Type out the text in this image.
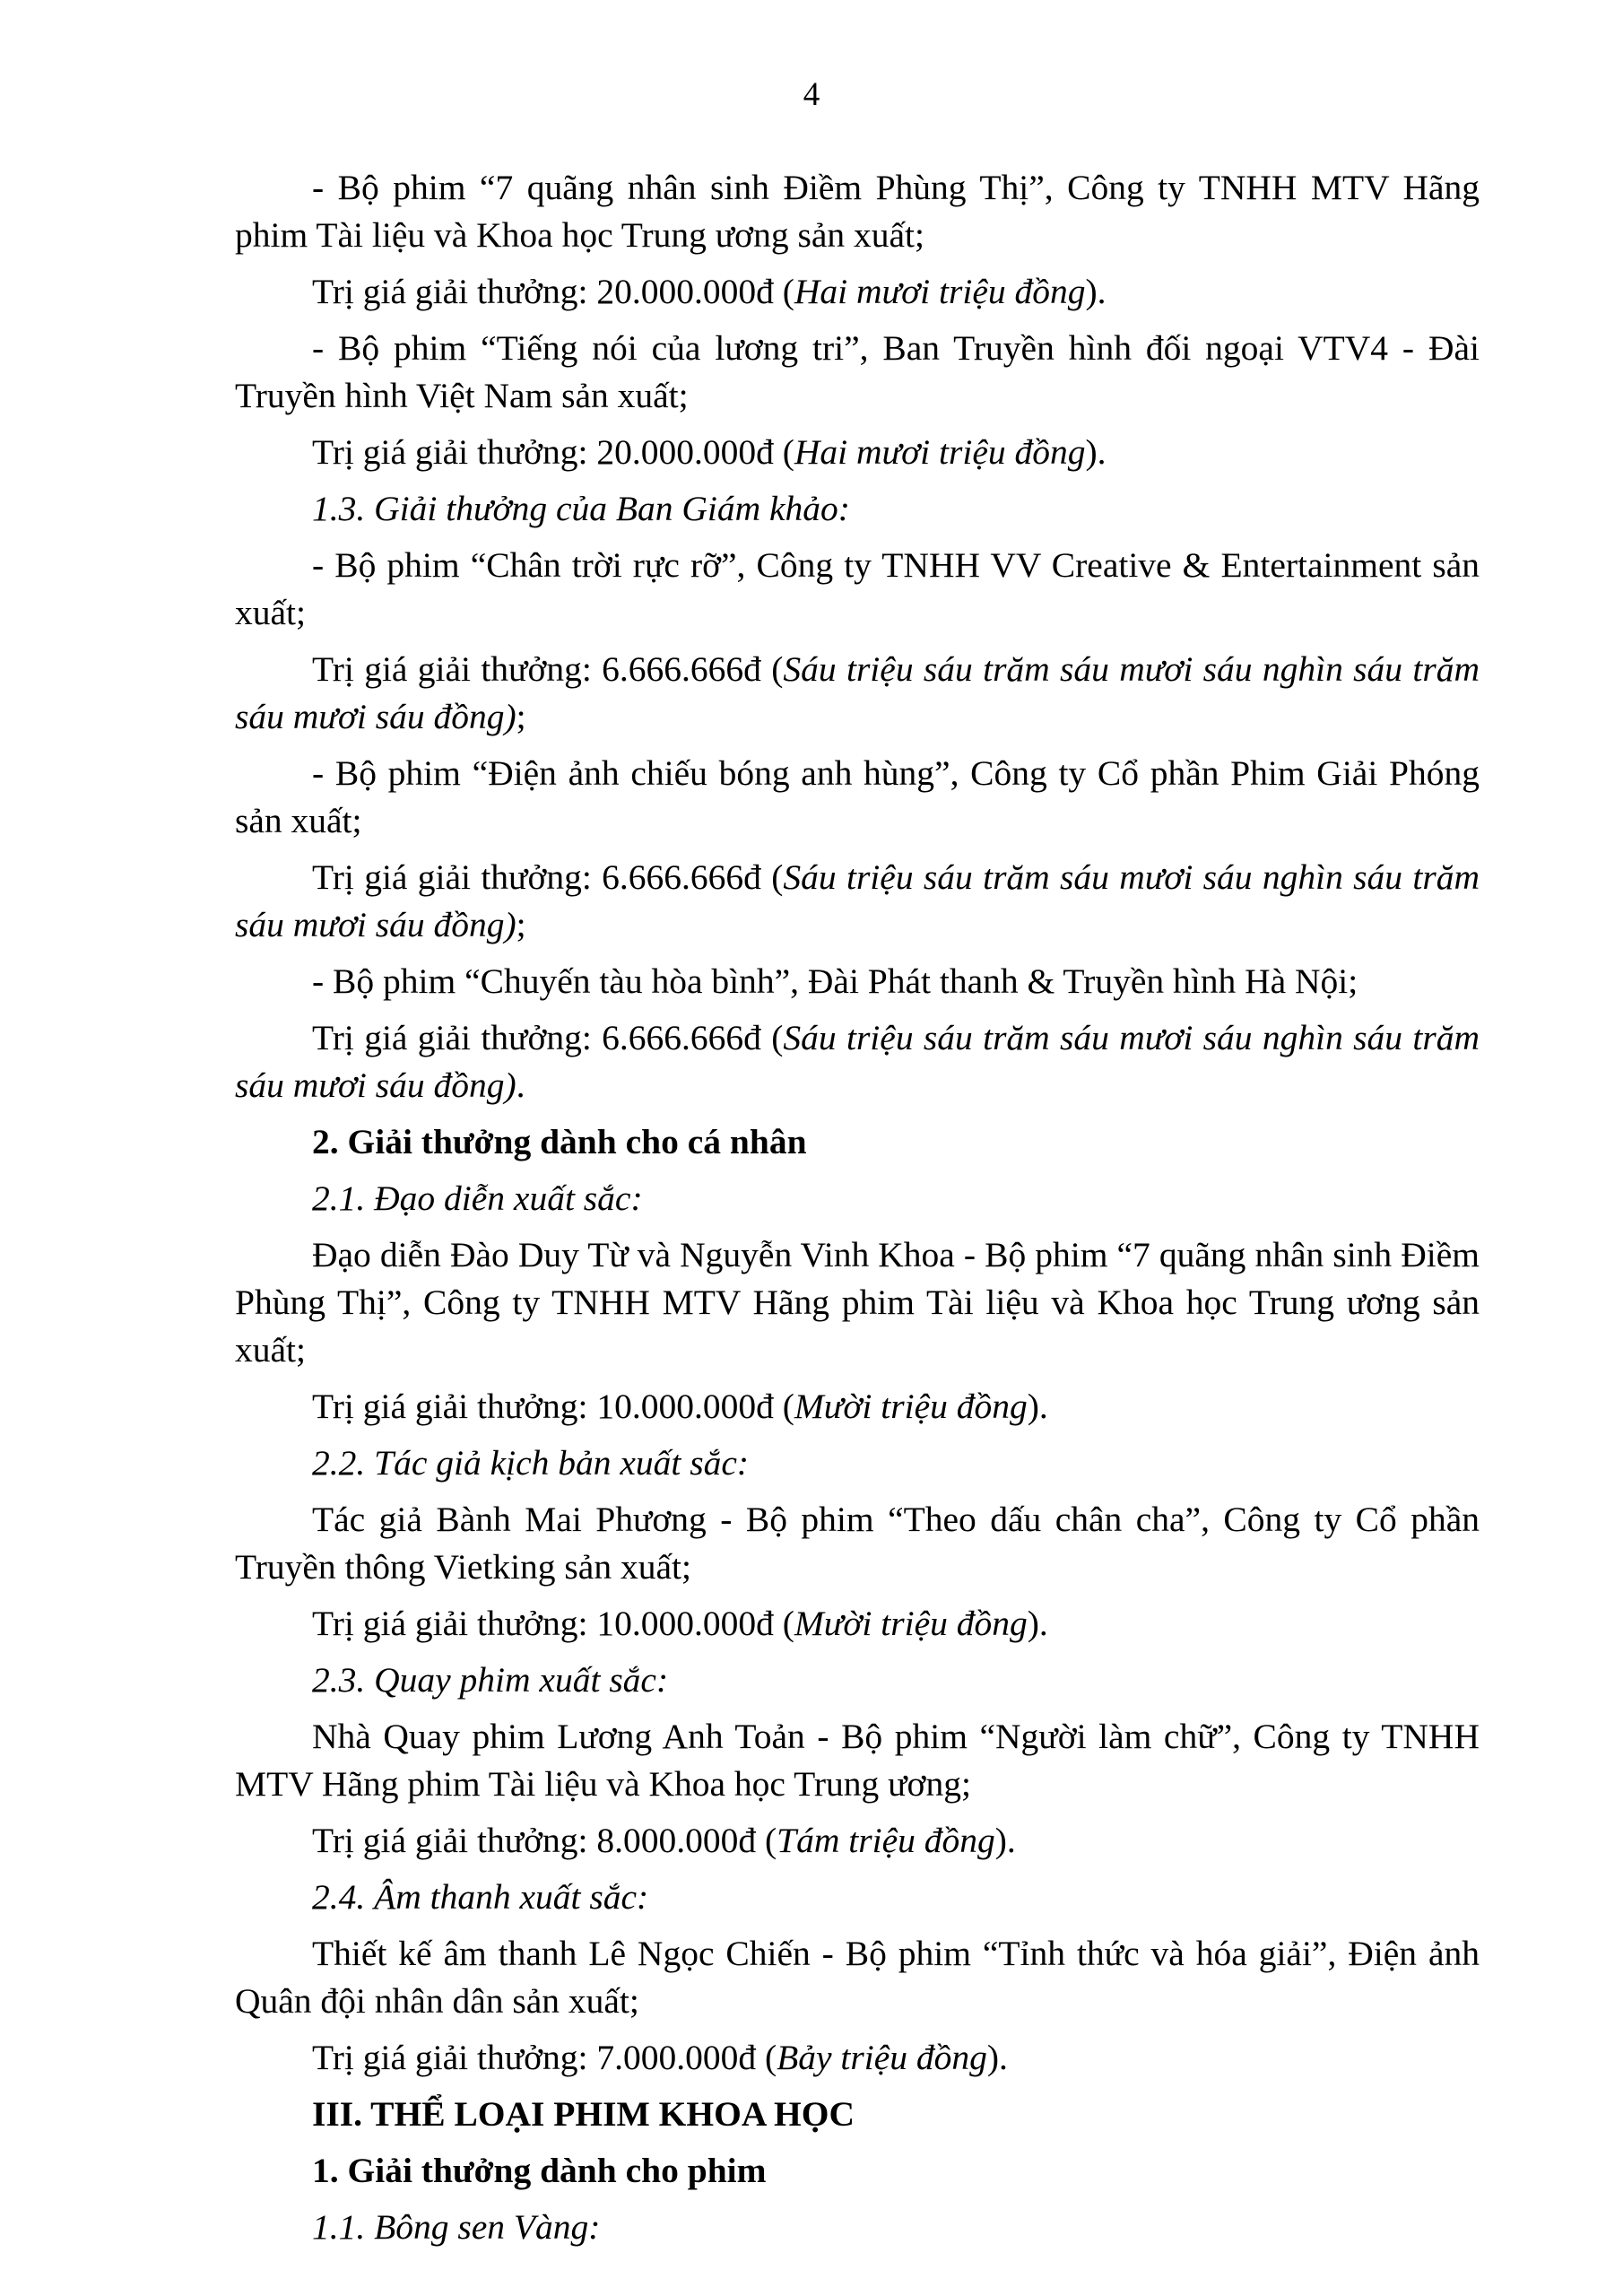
4

- Bộ phim “7 quãng nhân sinh Điềm Phùng Thị”, Công ty TNHH MTV Hãng phim Tài liệu và Khoa học Trung ương sản xuất;

Trị giá giải thưởng: 20.000.000đ (Hai mươi triệu đồng).

- Bộ phim “Tiếng nói của lương tri”, Ban Truyền hình đối ngoại VTV4 - Đài Truyền hình Việt Nam sản xuất;

Trị giá giải thưởng: 20.000.000đ (Hai mươi triệu đồng).

1.3. Giải thưởng của Ban Giám khảo:

- Bộ phim “Chân trời rực rỡ”, Công ty TNHH VV Creative & Entertainment sản xuất;

Trị giá giải thưởng: 6.666.666đ (Sáu triệu sáu trăm sáu mươi sáu nghìn sáu trăm sáu mươi sáu đồng);

- Bộ phim “Điện ảnh chiếu bóng anh hùng”, Công ty Cổ phần Phim Giải Phóng sản xuất;

Trị giá giải thưởng: 6.666.666đ (Sáu triệu sáu trăm sáu mươi sáu nghìn sáu trăm sáu mươi sáu đồng);

- Bộ phim “Chuyến tàu hòa bình”, Đài Phát thanh & Truyền hình Hà Nội;

Trị giá giải thưởng: 6.666.666đ (Sáu triệu sáu trăm sáu mươi sáu nghìn sáu trăm sáu mươi sáu đồng).

2. Giải thưởng dành cho cá nhân

2.1. Đạo diễn xuất sắc:

Đạo diễn Đào Duy Từ và Nguyễn Vinh Khoa - Bộ phim “7 quãng nhân sinh Điềm Phùng Thị”, Công ty TNHH MTV Hãng phim Tài liệu và Khoa học Trung ương sản xuất;

Trị giá giải thưởng: 10.000.000đ (Mười triệu đồng).

2.2. Tác giả kịch bản xuất sắc:

Tác giả Bành Mai Phương - Bộ phim “Theo dấu chân cha”, Công ty Cổ phần Truyền thông Vietking sản xuất;

Trị giá giải thưởng: 10.000.000đ (Mười triệu đồng).

2.3. Quay phim xuất sắc:

Nhà Quay phim Lương Anh Toản - Bộ phim “Người làm chữ”, Công ty TNHH MTV Hãng phim Tài liệu và Khoa học Trung ương;

Trị giá giải thưởng: 8.000.000đ (Tám triệu đồng).

2.4. Âm thanh xuất sắc:

Thiết kế âm thanh Lê Ngọc Chiến - Bộ phim “Tỉnh thức và hóa giải”, Điện ảnh Quân đội nhân dân sản xuất;

Trị giá giải thưởng: 7.000.000đ (Bảy triệu đồng).

III. THỂ LOẠI PHIM KHOA HỌC

1. Giải thưởng dành cho phim

1.1. Bông sen Vàng:
